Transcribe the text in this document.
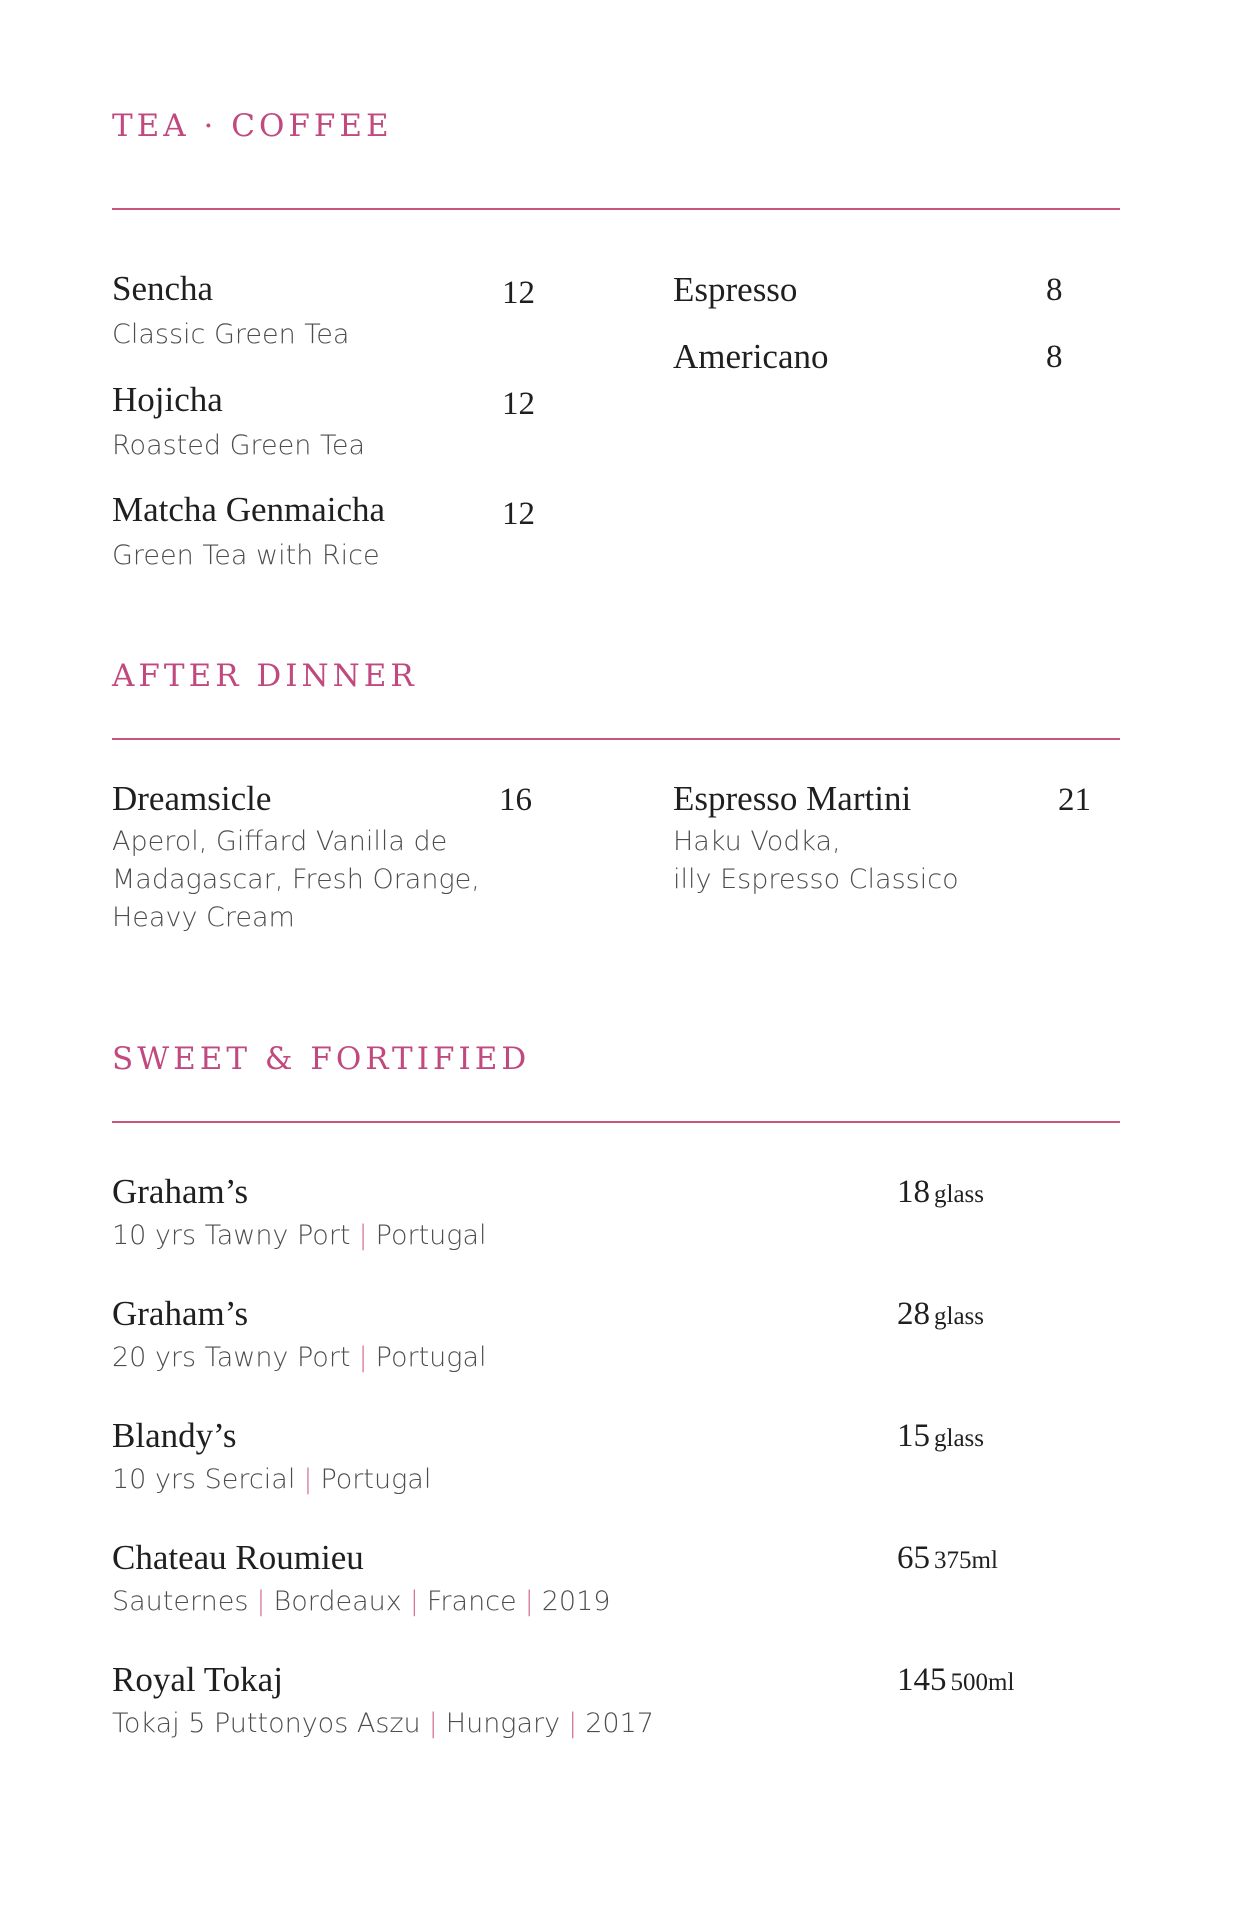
TEA · COFFEE
Sencha	12
Classic Green Tea
Hojicha	12
Roasted Green Tea
Matcha Genmaicha	12
Green Tea with Rice
Espresso	8
Americano	8
AFTER DINNER
Dreamsicle	16
Aperol, Giffard Vanilla de
Madagascar, Fresh Orange,
Heavy Cream
Espresso Martini	21
Haku Vodka,
illy Espresso Classico
SWEET & FORTIFIED
Graham’s	18 glass
10 yrs Tawny Port | Portugal
Graham’s	28 glass
20 yrs Tawny Port | Portugal
Blandy’s	15 glass
10 yrs Sercial | Portugal
Chateau Roumieu	65 375ml
Sauternes | Bordeaux | France | 2019
Royal Tokaj	145 500ml
Tokaj 5 Puttonyos Aszu | Hungary | 2017
